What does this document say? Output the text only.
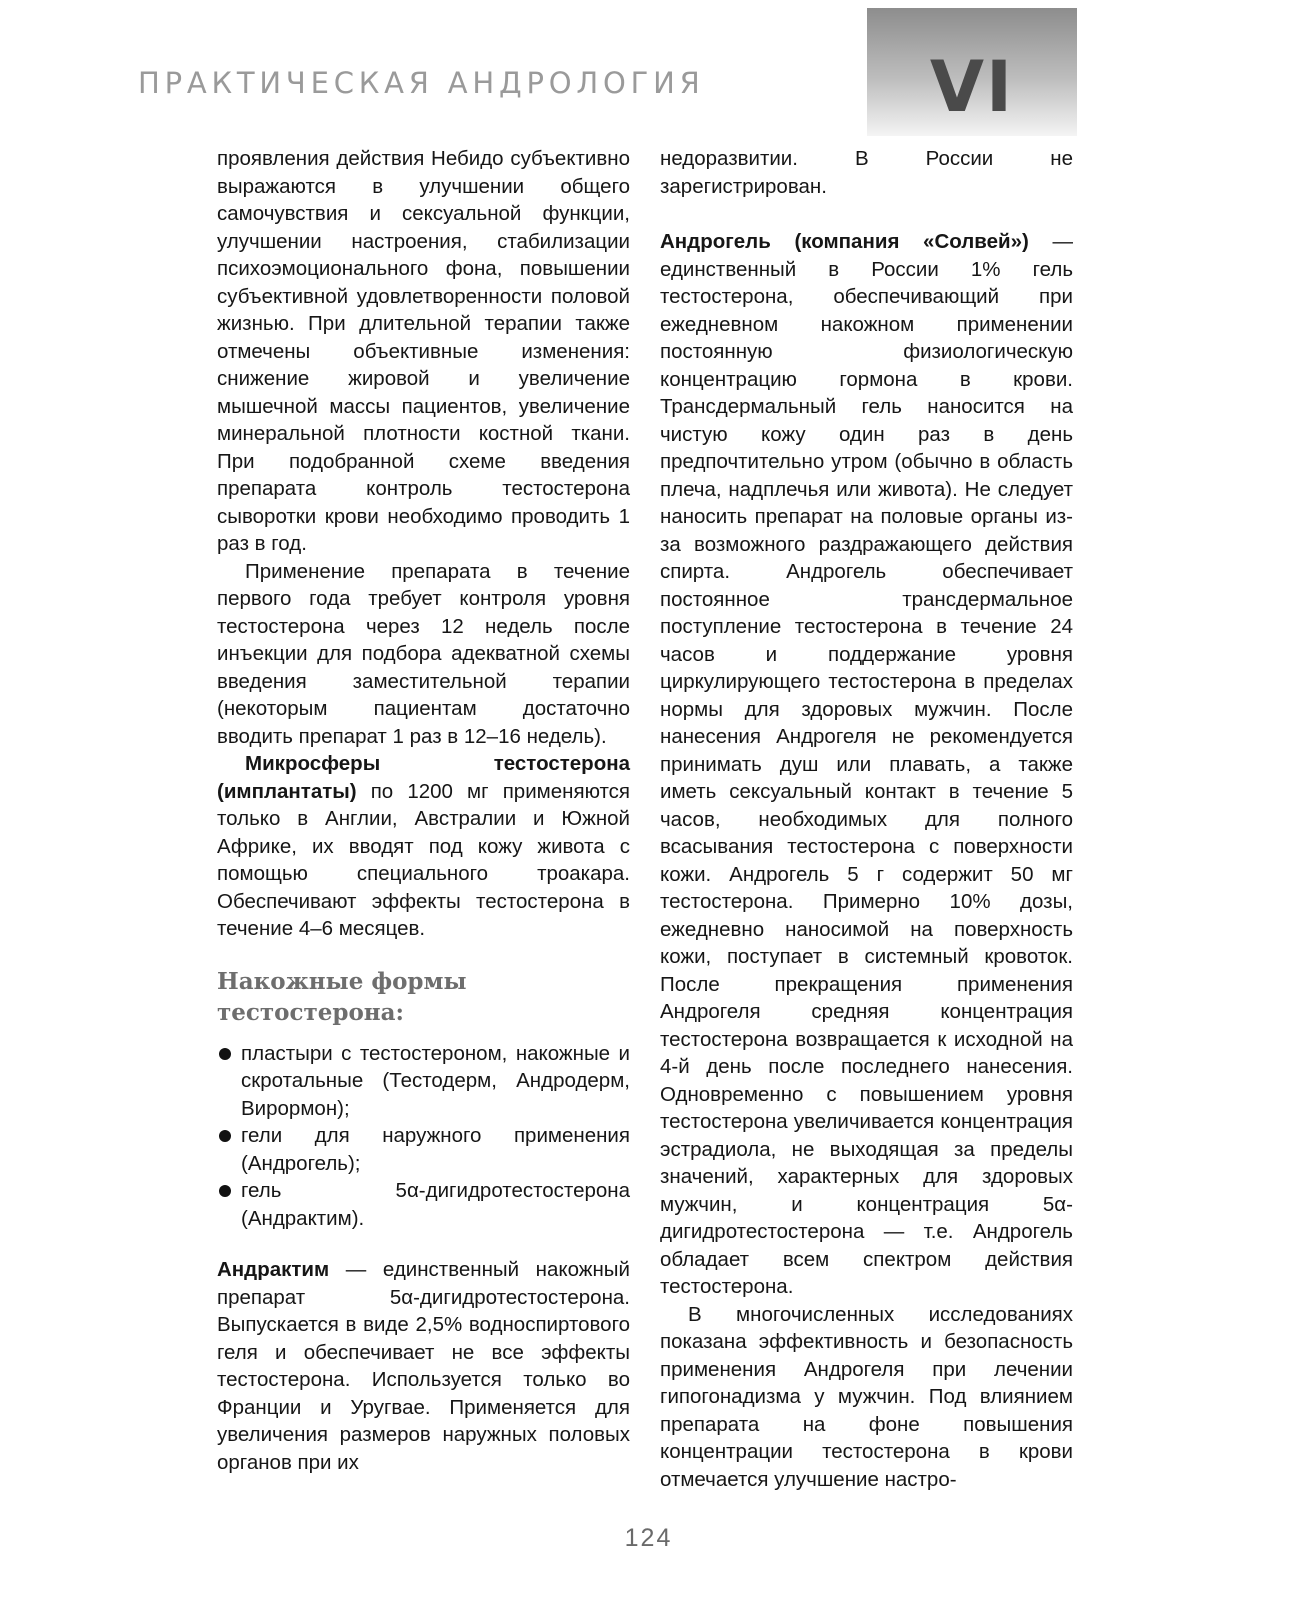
ПРАКТИЧЕСКАЯ АНДРОЛОГИЯ	VI

проявления действия Небидо субъективно выражаются в улучшении общего самочувствия и сексуальной функции, улучшении настроения, стабилизации психоэмоционального фона, повышении субъективной удовлетворенности половой жизнью. При длительной терапии также отмечены объективные изменения: снижение жировой и увеличение мышечной массы пациентов, увеличение минеральной плотности костной ткани. При подобранной схеме введения препарата контроль тестостерона сыворотки крови необходимо проводить 1 раз в год.

Применение препарата в течение первого года требует контроля уровня тестостерона через 12 недель после инъекции для подбора адекватной схемы введения заместительной терапии (некоторым пациентам достаточно вводить препарат 1 раз в 12–16 недель).

Микросферы тестостерона (имплантаты) по 1200 мг применяются только в Англии, Австралии и Южной Африке, их вводят под кожу живота с помощью специального троакара. Обеспечивают эффекты тестостерона в течение 4–6 месяцев.

Накожные формы тестостерона:
пластыри с тестостероном, накожные и скротальные (Тестодерм, Андродерм, Вирормон);
гели для наружного применения (Андрогель);
гель 5α-дигидротестостерона (Андрактим).

Андрактим — единственный накожный препарат 5α-дигидротестостерона. Выпускается в виде 2,5% водноспиртового геля и обеспечивает не все эффекты тестостерона. Используется только во Франции и Уругвае. Применяется для увеличения размеров наружных половых органов при их

недоразвитии. В России не зарегистрирован.

Андрогель (компания «Солвей») — единственный в России 1% гель тестостерона, обеспечивающий при ежедневном накожном применении постоянную физиологическую концентрацию гормона в крови. Трансдермальный гель наносится на чистую кожу один раз в день предпочтительно утром (обычно в область плеча, надплечья или живота). Не следует наносить препарат на половые органы из-за возможного раздражающего действия спирта. Андрогель обеспечивает постоянное трансдермальное поступление тестостерона в течение 24 часов и поддержание уровня циркулирующего тестостерона в пределах нормы для здоровых мужчин. После нанесения Андрогеля не рекомендуется принимать душ или плавать, а также иметь сексуальный контакт в течение 5 часов, необходимых для полного всасывания тестостерона с поверхности кожи. Андрогель 5 г содержит 50 мг тестостерона. Примерно 10% дозы, ежедневно наносимой на поверхность кожи, поступает в системный кровоток. После прекращения применения Андрогеля средняя концентрация тестостерона возвращается к исходной на 4-й день после последнего нанесения. Одновременно с повышением уровня тестостерона увеличивается концентрация эстрадиола, не выходящая за пределы значений, характерных для здоровых мужчин, и концентрация 5α- дигидротестостерона — т.е. Андрогель обладает всем спектром действия тестостерона.

В многочисленных исследованиях показана эффективность и безопасность применения Андрогеля при лечении гипогонадизма у мужчин. Под влиянием препарата на фоне повышения концентрации тестостерона в крови отмечается улучшение настро-

124
